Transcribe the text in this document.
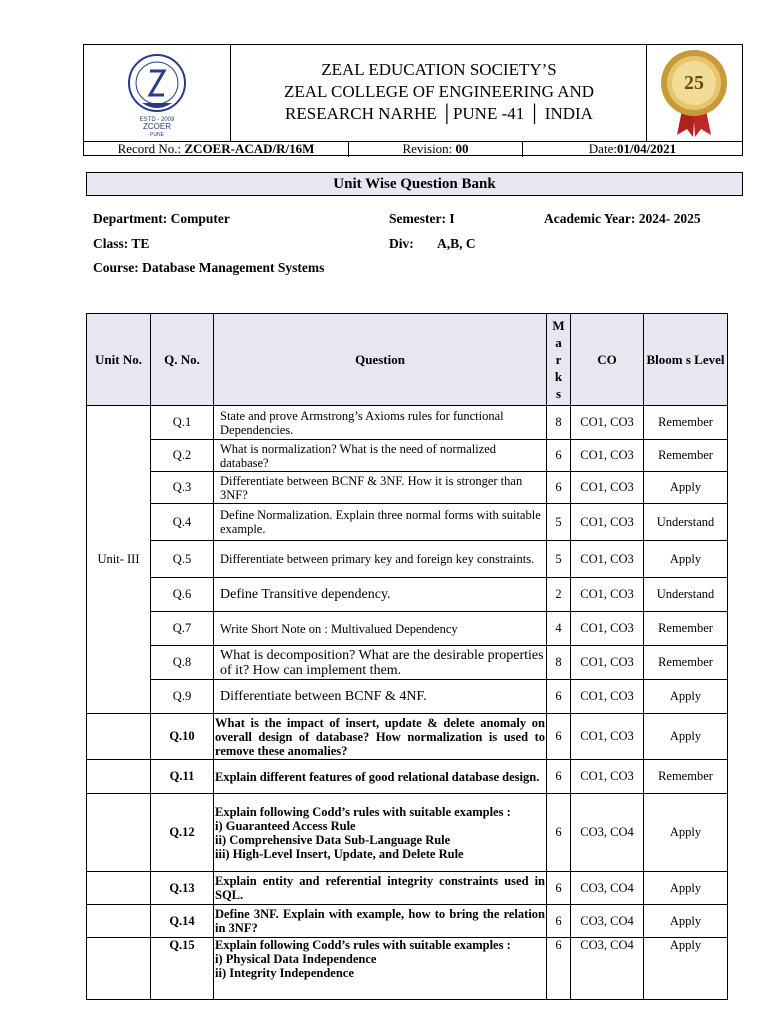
ESTD - 2009
ZCOER
PUNE
ZEAL EDUCATION SOCIETY’S
ZEAL COLLEGE OF ENGINEERING AND
RESEARCH NARHE │PUNE -41 │ INDIA
25
Record No.: ZCOER-ACAD/R/16M	Revision: 00	Date:01/04/2021
Unit Wise Question Bank
Department: Computer	Semester: I	Academic Year: 2024- 2025
Class: TE	Div: A,B, C
Course: Database Management Systems
Unit No.	Q. No.	Question	M
a
r
k
s	CO	Bloom s Level
Unit- III	Q.1	State and prove Armstrong’s Axioms rules for functional Dependencies.	8	CO1, CO3	Remember
	Q.2	What is normalization? What is the need of normalized database?	6	CO1, CO3	Remember
	Q.3	Differentiate between BCNF & 3NF. How it is stronger than 3NF?	6	CO1, CO3	Apply
	Q.4	Define Normalization. Explain three normal forms with suitable example.	5	CO1, CO3	Understand
	Q.5	Differentiate between primary key and foreign key constraints.	5	CO1, CO3	Apply
	Q.6	Define Transitive dependency.	2	CO1, CO3	Understand
	Q.7	Write Short Note on : Multivalued Dependency	4	CO1, CO3	Remember
	Q.8	What is decomposition? What are the desirable properties of it? How can implement them.	8	CO1, CO3	Remember
	Q.9	Differentiate between BCNF & 4NF.	6	CO1, CO3	Apply
	Q.10	What is the impact of insert, update & delete anomaly on overall design of database? How normalization is used to remove these anomalies?	6	CO1, CO3	Apply
	Q.11	Explain different features of good relational database design.	6	CO1, CO3	Remember
	Q.12	Explain following Codd’s rules with suitable examples :
i) Guaranteed Access Rule
ii) Comprehensive Data Sub-Language Rule
iii) High-Level Insert, Update, and Delete Rule	6	CO3, CO4	Apply
	Q.13	Explain entity and referential integrity constraints used in SQL.	6	CO3, CO4	Apply
	Q.14	Define 3NF. Explain with example, how to bring the relation in 3NF?	6	CO3, CO4	Apply
	Q.15	Explain following Codd’s rules with suitable examples :
i) Physical Data Independence
ii) Integrity Independence	6	CO3, CO4	Apply
